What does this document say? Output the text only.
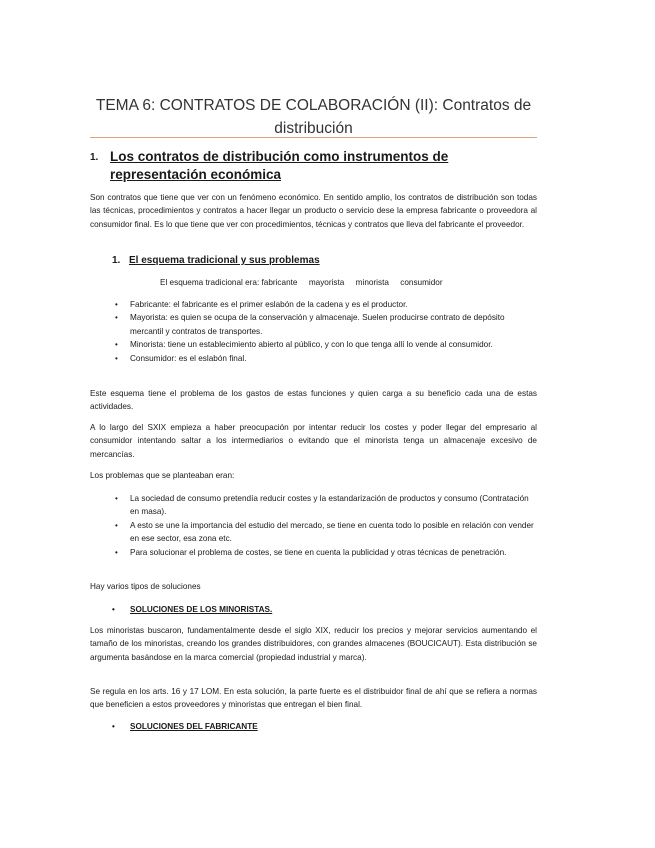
TEMA 6: CONTRATOS DE COLABORACIÓN (II): Contratos de distribución
1. Los contratos de distribución como instrumentos de representación económica

Son contratos que tiene que ver con un fenómeno económico. En sentido amplio, los contratos de distribución son todas las técnicas, procedimientos y contratos a hacer llegar un producto o servicio dese la empresa fabricante o proveedora al consumidor final. Es lo que tiene que ver con procedimientos, técnicas y contratos que lleva del fabricante el proveedor.

1. El esquema tradicional y sus problemas
El esquema tradicional era: fabricante     mayorista     minorista     consumidor
• Fabricante: el fabricante es el primer eslabón de la cadena y es el productor.
• Mayorista: es quien se ocupa de la conservación y almacenaje. Suelen producirse contrato de depósito mercantil y contratos de transportes.
• Minorista: tiene un establecimiento abierto al público, y con lo que tenga allí lo vende al consumidor.
• Consumidor: es el eslabón final.

Este esquema tiene el problema de los gastos de estas funciones y quien carga a su beneficio cada una de estas actividades.

A lo largo del SXIX empieza a haber preocupación por intentar reducir los costes y poder llegar del empresario al consumidor intentando saltar a los intermediarios o evitando que el minorista tenga un almacenaje excesivo de mercancías.

Los problemas que se planteaban eran:

• La sociedad de consumo pretendía reducir costes y la estandarización de productos y consumo (Contratación en masa).
• A esto se une la importancia del estudio del mercado, se tiene en cuenta todo lo posible en relación con vender en ese sector, esa zona etc.
• Para solucionar el problema de costes, se tiene en cuenta la publicidad y otras técnicas de penetración.

Hay varios tipos de soluciones

• SOLUCIONES DE LOS MINORISTAS.

Los minoristas buscaron, fundamentalmente desde el siglo XIX, reducir los precios y mejorar servicios aumentando el tamaño de los minoristas, creando los grandes distribuidores, con grandes almacenes (BOUCICAUT). Esta distribución se argumenta basándose en la marca comercial (propiedad industrial y marca).

Se regula en los arts. 16 y 17 LOM. En esta solución, la parte fuerte es el distribuidor final de ahí que se refiera a normas que beneficien a estos proveedores y minoristas que entregan el bien final.

• SOLUCIONES DEL FABRICANTE
